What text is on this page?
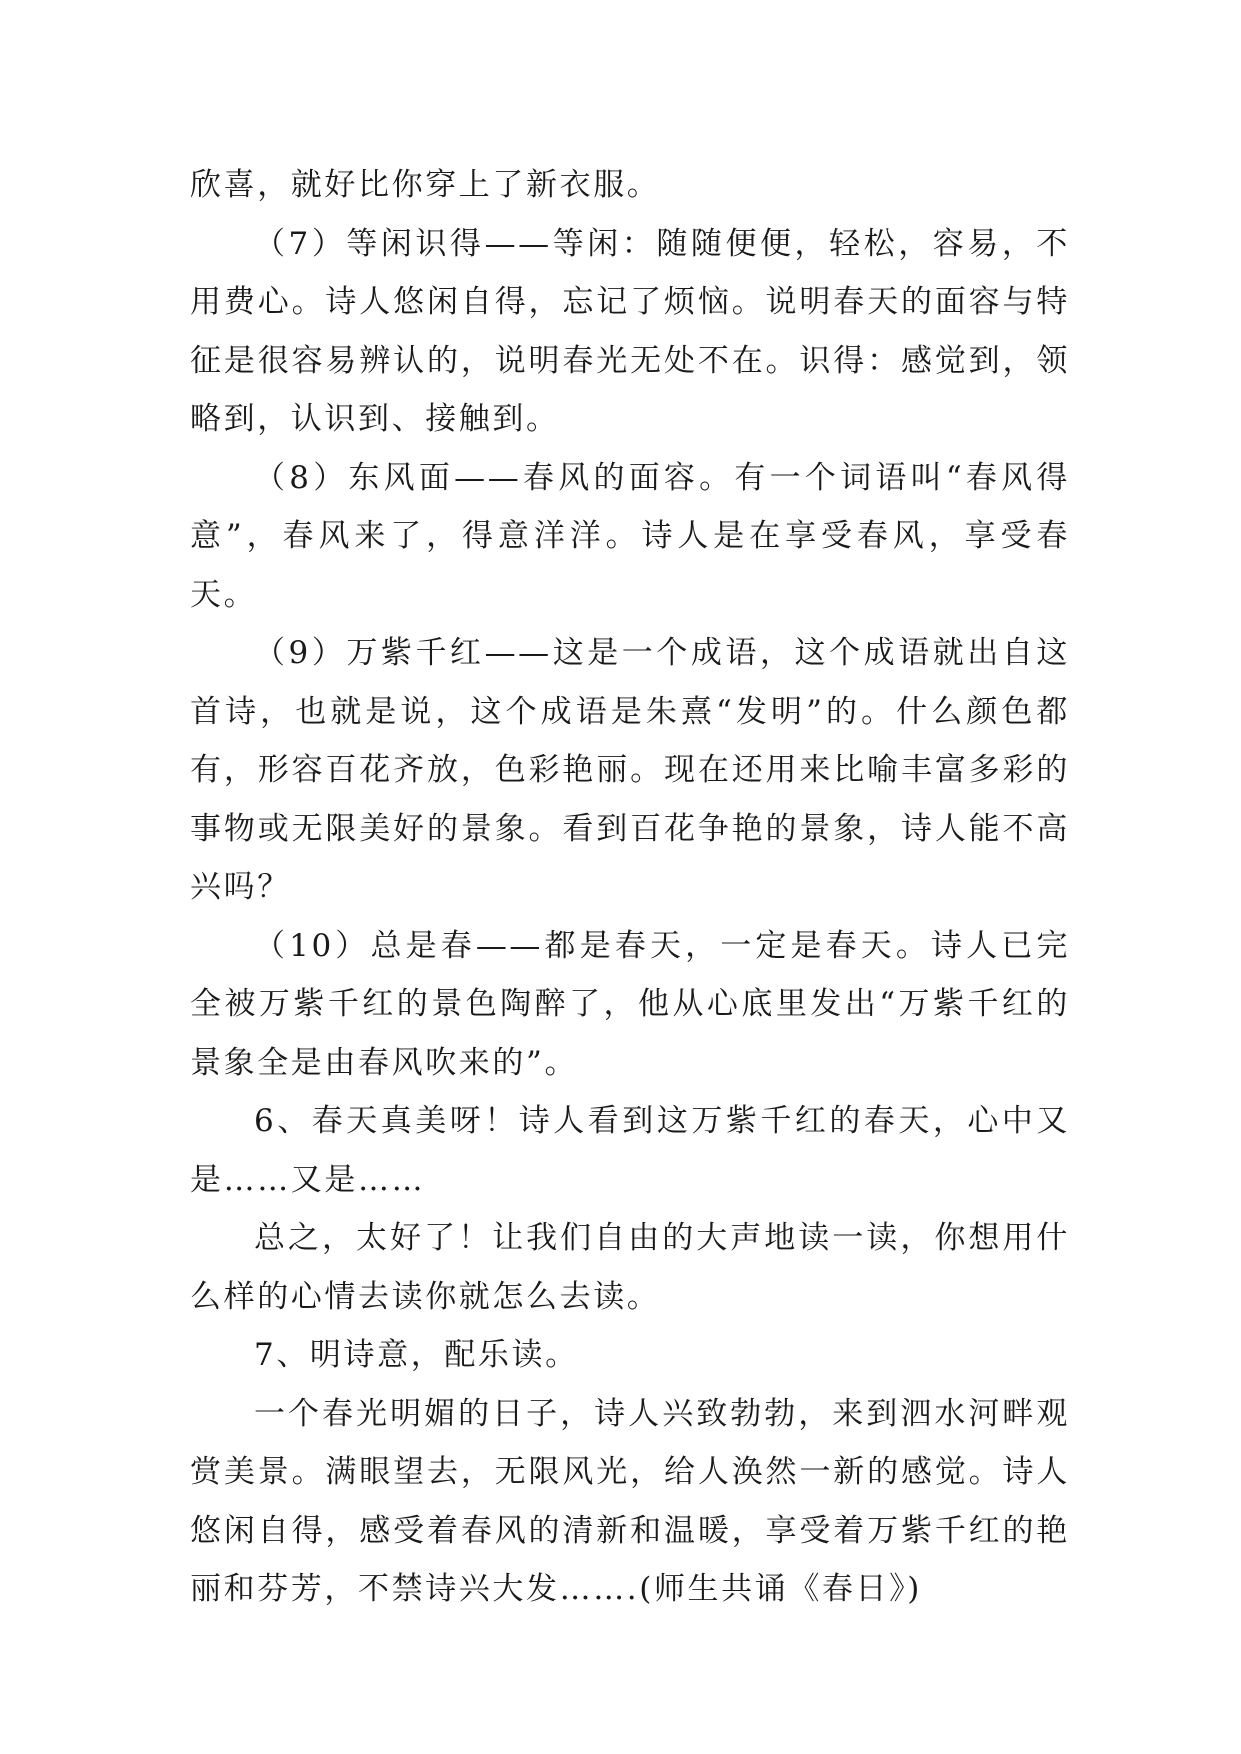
欣喜，就好比你穿上了新衣服。

（7）等闲识得——等闲：随随便便，轻松，容易，不用费心。诗人悠闲自得，忘记了烦恼。说明春天的面容与特征是很容易辨认的，说明春光无处不在。识得：感觉到，领略到，认识到、接触到。

（8）东风面——春风的面容。有一个词语叫“春风得意”，春风来了，得意洋洋。诗人是在享受春风，享受春天。

（9）万紫千红——这是一个成语，这个成语就出自这首诗，也就是说，这个成语是朱熹“发明”的。什么颜色都有，形容百花齐放，色彩艳丽。现在还用来比喻丰富多彩的事物或无限美好的景象。看到百花争艳的景象，诗人能不高兴吗？

（10）总是春——都是春天，一定是春天。诗人已完全被万紫千红的景色陶醉了，他从心底里发出“万紫千红的景象全是由春风吹来的”。

6、春天真美呀！诗人看到这万紫千红的春天，心中又是……又是……

总之，太好了！让我们自由的大声地读一读，你想用什么样的心情去读你就怎么去读。

7、明诗意，配乐读。

一个春光明媚的日子，诗人兴致勃勃，来到泗水河畔观赏美景。满眼望去，无限风光，给人涣然一新的感觉。诗人悠闲自得，感受着春风的清新和温暖，享受着万紫千红的艳丽和芬芳，不禁诗兴大发…….(师生共诵《春日》)
